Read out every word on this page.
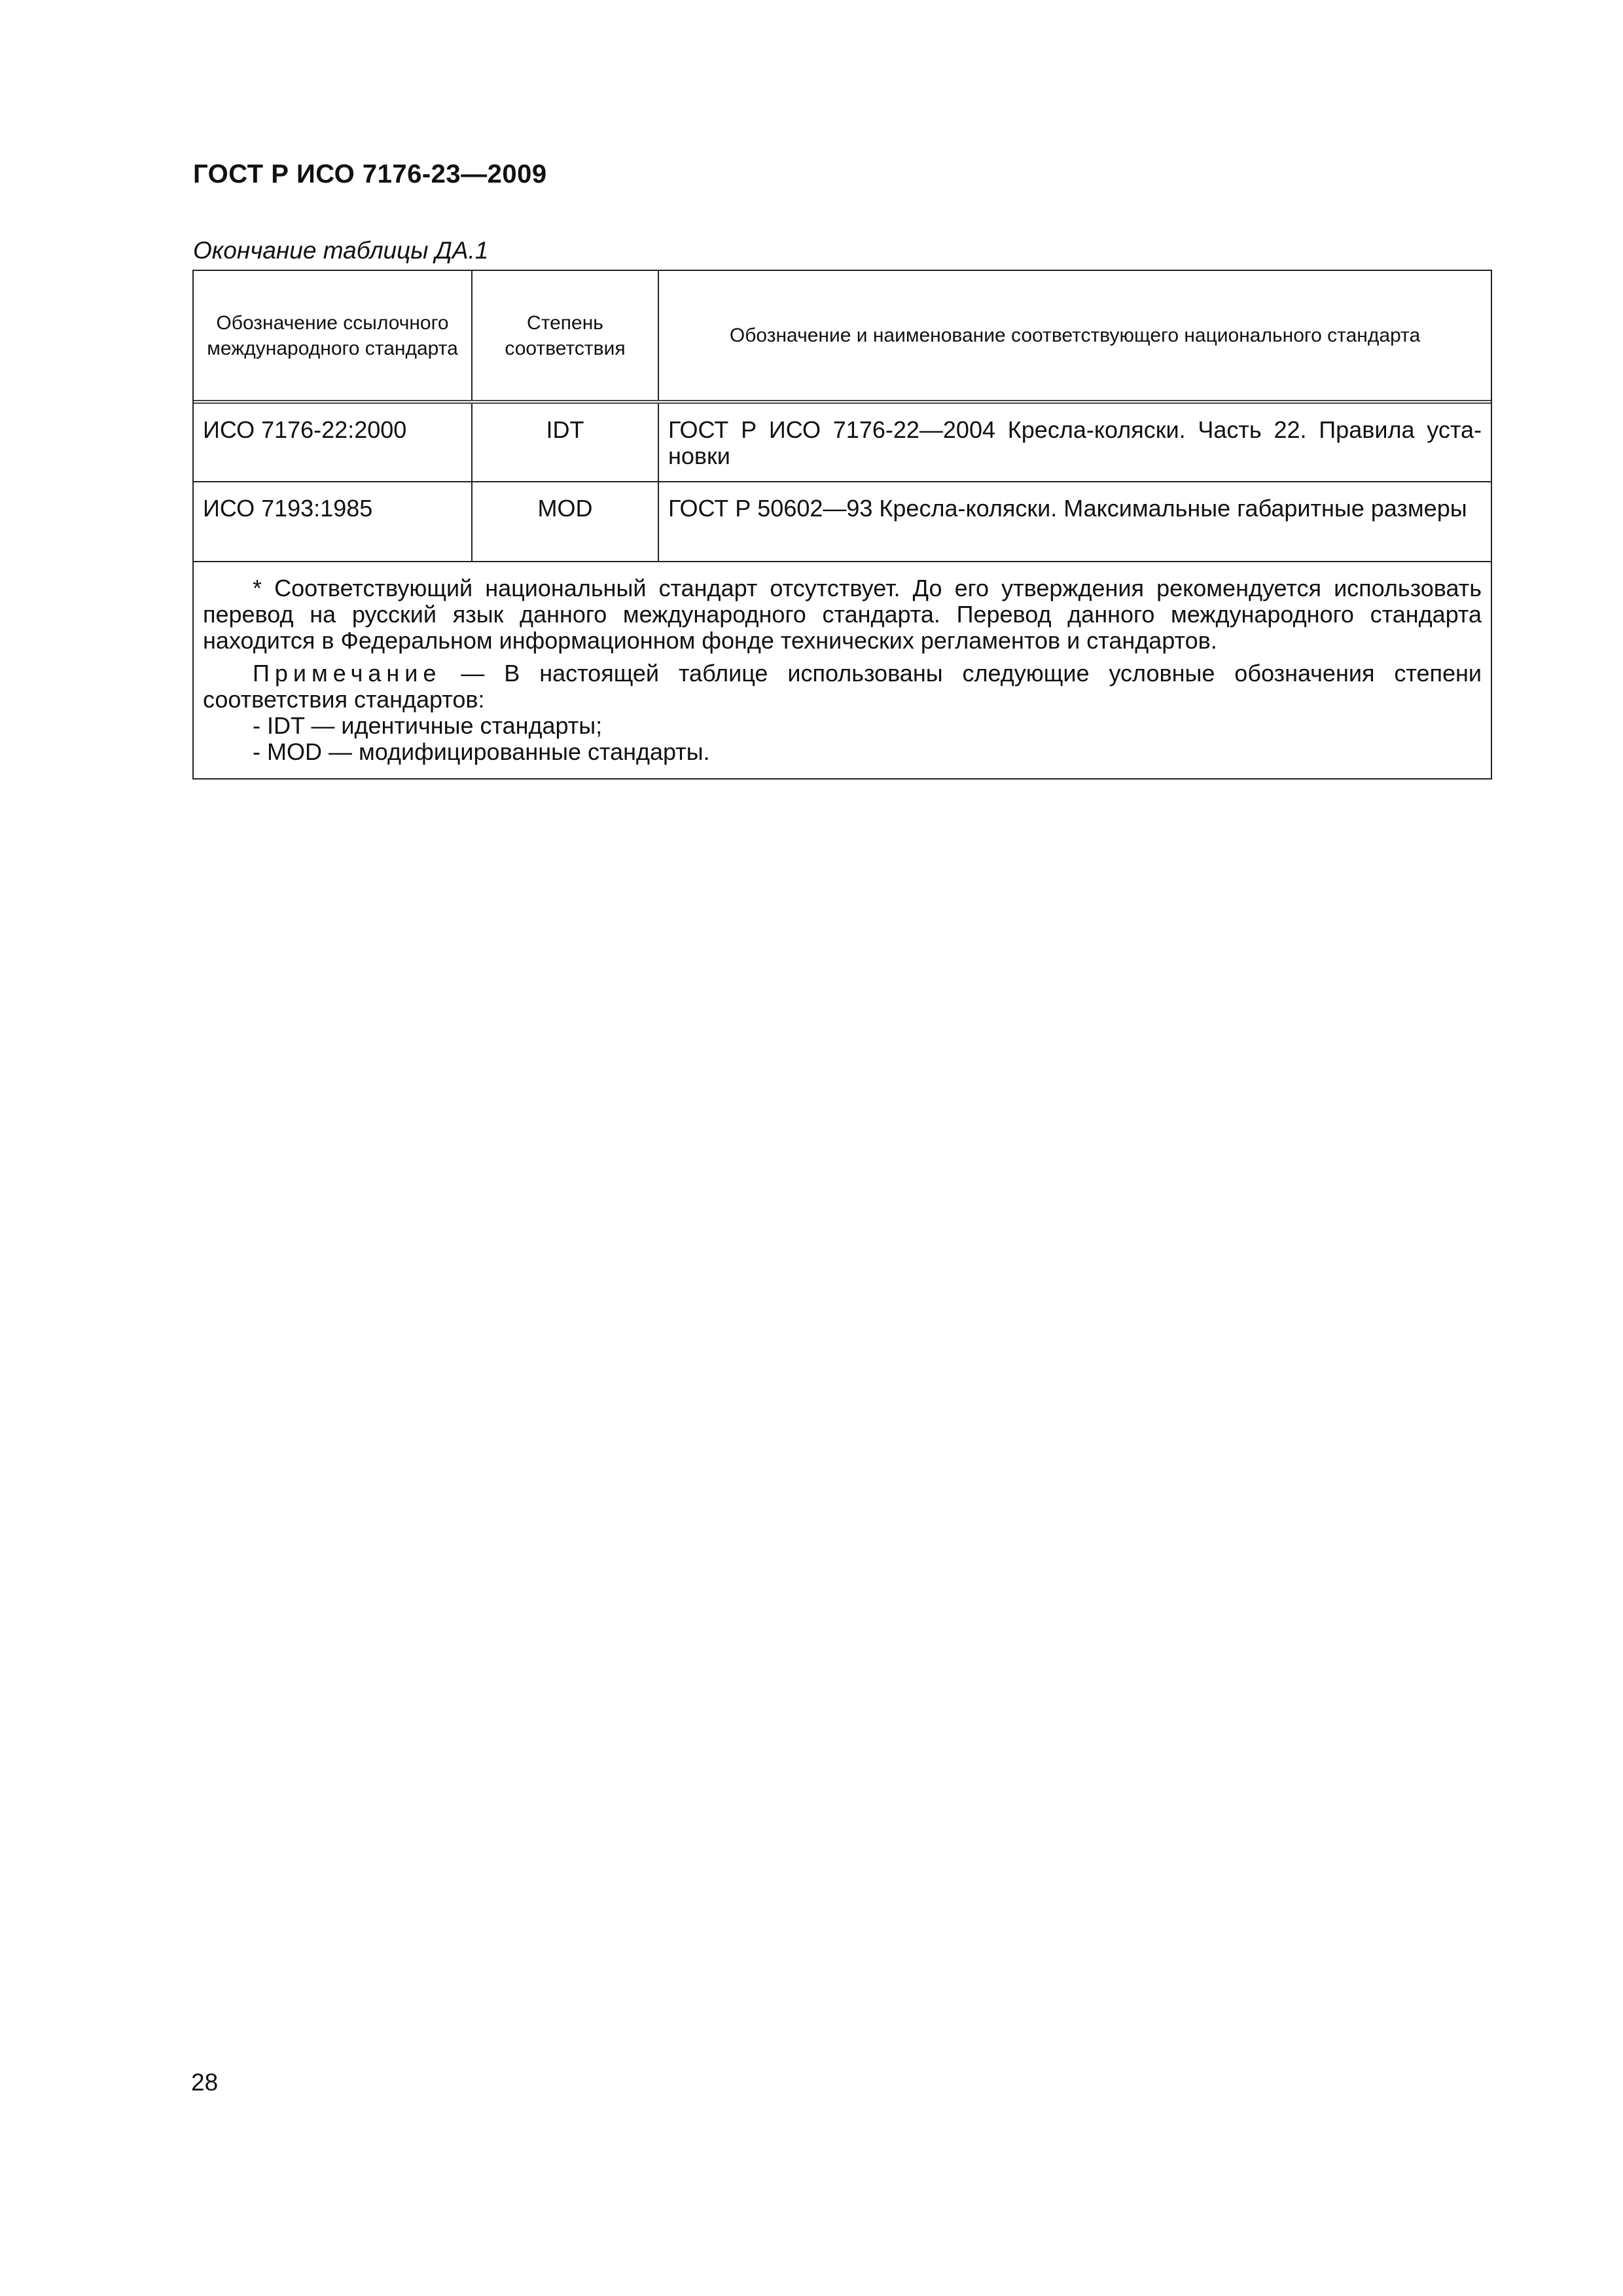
ГОСТ Р ИСО 7176-23—2009
Окончание таблицы ДА.1
Обозначение ссылочного международного стандарта	Степень соответствия	Обозначение и наименование соответствующего национального стандарта
ИСО 7176-22:2000	IDT	ГОСТ Р ИСО 7176-22—2004 Кресла-коляски. Часть 22. Правила установки
ИСО 7193:1985	MOD	ГОСТ Р 50602—93 Кресла-коляски. Максимальные габаритные размеры

* Соответствующий национальный стандарт отсутствует. До его утверждения рекомендуется использовать перевод на русский язык данного международного стандарта. Перевод данного международного стандарта находится в Федеральном информационном фонде технических регламентов и стандартов.

Примечание — В настоящей таблице использованы следующие условные обозначения степени соответствия стандартов:

- IDT — идентичные стандарты;

- MOD — модифицированные стандарты.		

28
